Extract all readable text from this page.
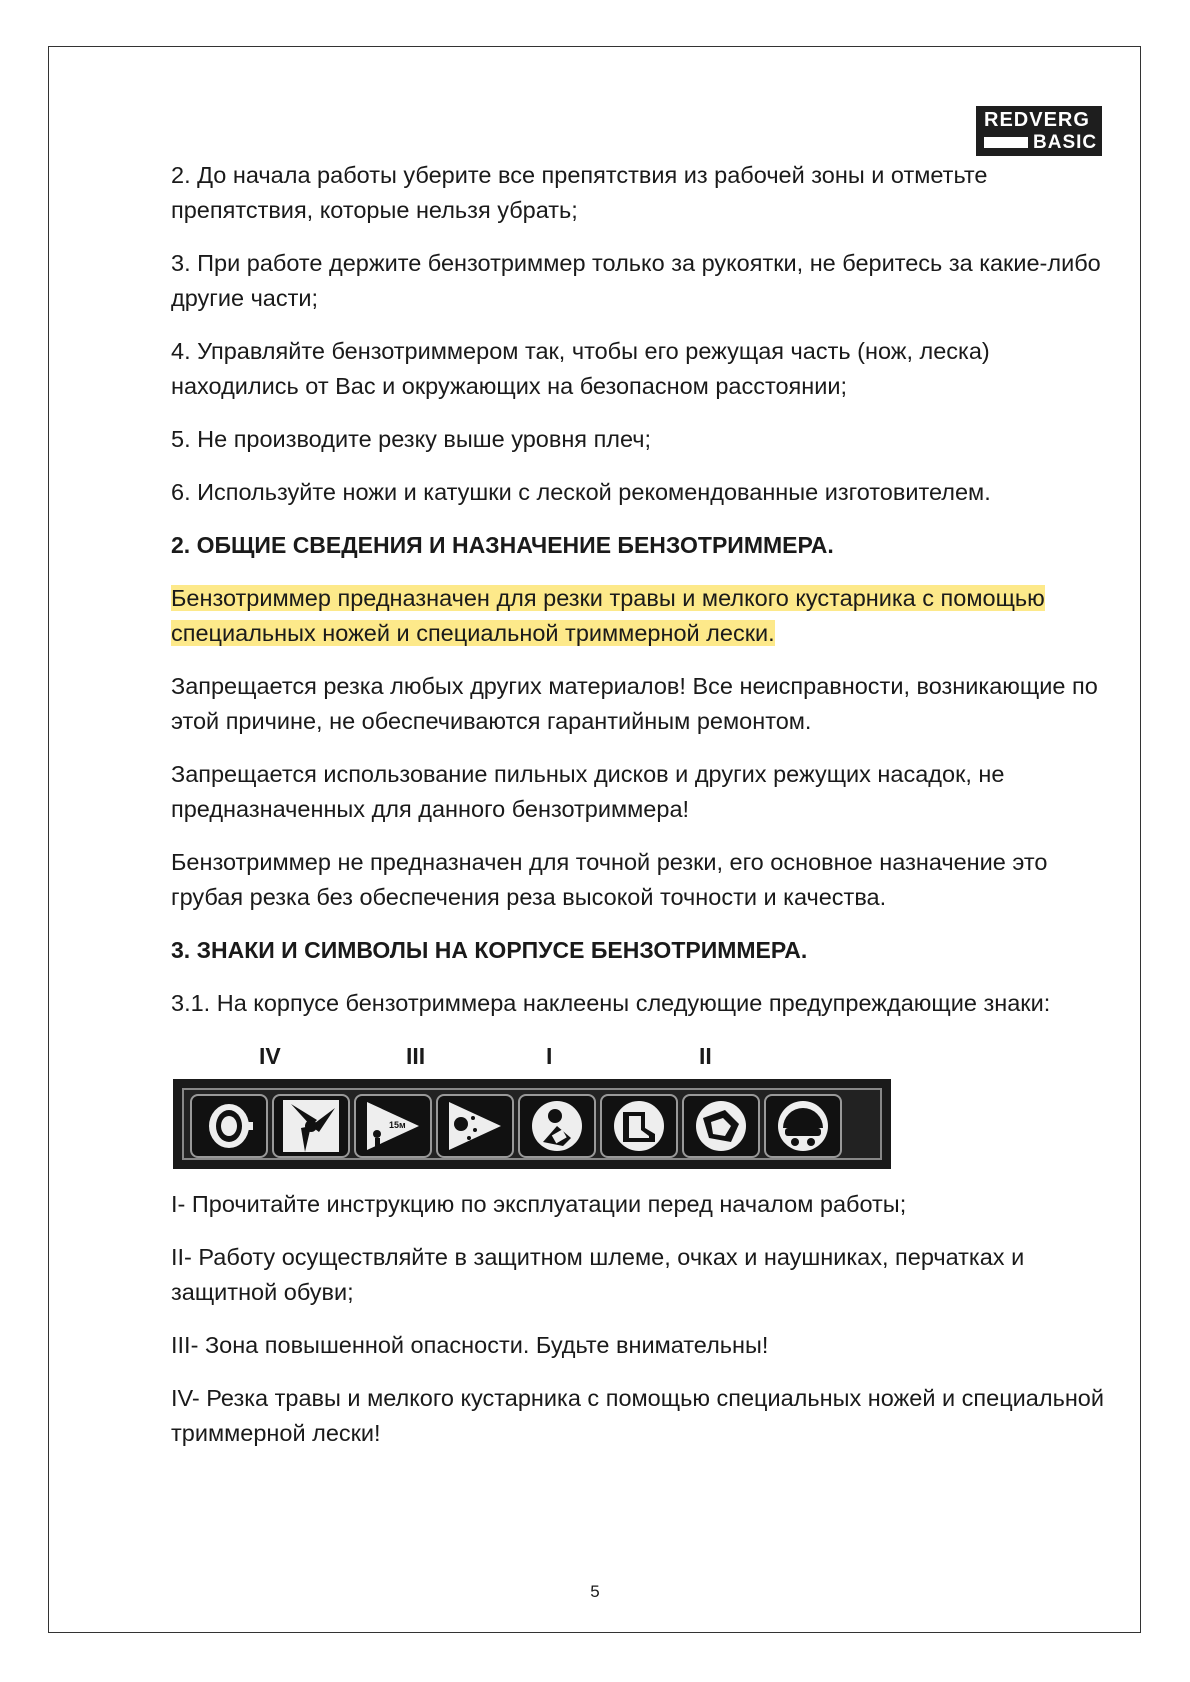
REDVERG
BASIC

2. До начала работы уберите все препятствия из рабочей зоны и отметьте препятствия, которые нельзя убрать;

3. При работе держите бензотриммер только за рукоятки, не беритесь за какие-либо другие части;

4. Управляйте бензотриммером так, чтобы его режущая часть (нож, леска) находились от Вас и окружающих на безопасном расстоянии;

5. Не производите резку выше уровня плеч;

6. Используйте ножи и катушки с леской рекомендованные изготовителем.

2. ОБЩИЕ СВЕДЕНИЯ И НАЗНАЧЕНИЕ БЕНЗОТРИММЕРА.

Бензотриммер предназначен для резки травы и мелкого кустарника с помощью специальных ножей и специальной триммерной лески.

Запрещается резка любых других материалов! Все неисправности, возникающие по этой причине, не обеспечиваются гарантийным ремонтом.

Запрещается использование пильных дисков и других режущих насадок, не предназначенных для данного бензотриммера!

Бензотриммер не предназначен для точной резки, его основное назначение это грубая резка без обеспечения реза высокой точности и качества.

3. ЗНАКИ И СИМВОЛЫ НА КОРПУСЕ БЕНЗОТРИММЕРА.

3.1. На корпусе бензотриммера наклеены следующие предупреждающие знаки:

IV	III	I	II
15м

I- Прочитайте инструкцию по эксплуатации перед началом работы;

II- Работу осуществляйте в защитном шлеме, очках и наушниках, перчатках и защитной обуви;

III- Зона повышенной опасности. Будьте внимательны!

IV- Резка травы и мелкого кустарника с помощью специальных ножей и специальной триммерной лески!

5
